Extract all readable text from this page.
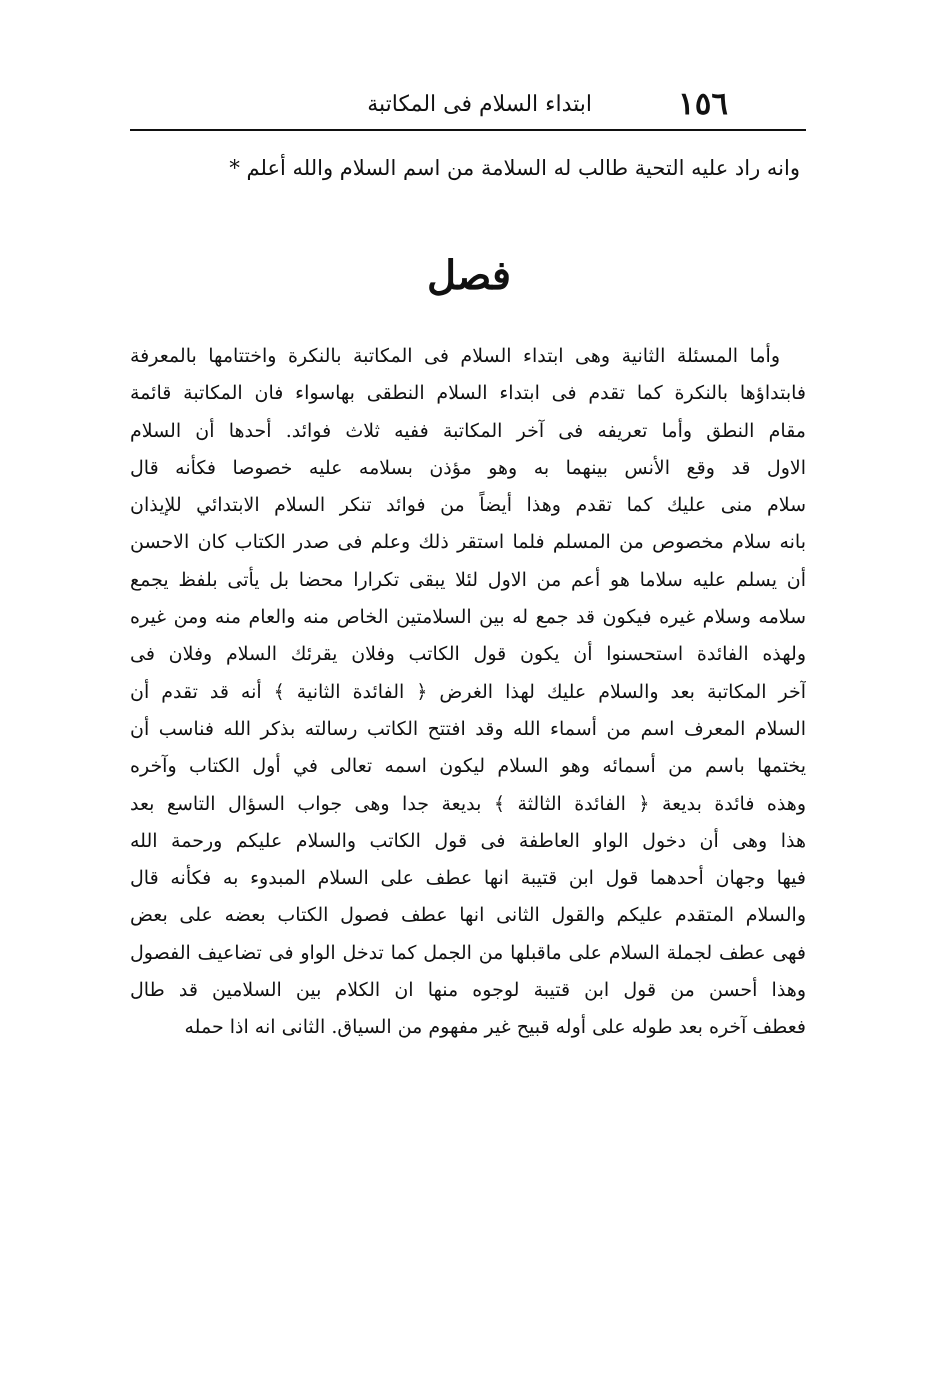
١٥٦
ابتداء السلام فى المكاتبة
وانه راد عليه التحية طالب له السلامة من اسم السلام والله أعلم *
فصل
وأما المسئلة الثانية وهى ابتداء السلام فى المكاتبة بالنكرة واختتامها بالمعرفة
فابتداؤها بالنكرة كما تقدم فى ابتداء السلام النطقى بهاسواء فان المكاتبة قائمة
مقام النطق وأما تعريفه فى آخر المكاتبة ففيه ثلاث فوائد. أحدها أن السلام
الاول قد وقع الأنس بينهما به وهو مؤذن بسلامه عليه خصوصا فكأنه قال
سلام منى عليك كما تقدم وهذا أيضاً من فوائد تنكر السلام الابتدائي للإيذان
بانه سلام مخصوص من المسلم فلما استقر ذلك وعلم فى صدر الكتاب كان الاحسن
أن يسلم عليه سلاما هو أعم من الاول لئلا يبقى تكرارا محضا بل يأتى بلفظ يجمع
سلامه وسلام غيره فيكون قد جمع له بين السلامتين الخاص منه والعام منه ومن غيره
ولهذه الفائدة استحسنوا أن يكون قول الكاتب وفلان يقرئك السلام وفلان فى
آخر المكاتبة بعد والسلام عليك لهذا الغرض ﴿ الفائدة الثانية ﴾ أنه قد تقدم أن
السلام المعرف اسم من أسماء الله وقد افتتح الكاتب رسالته بذكر الله فناسب أن
يختمها باسم من أسمائه وهو السلام ليكون اسمه تعالى في أول الكتاب وآخره
وهذه فائدة بديعة ﴿ الفائدة الثالثة ﴾ بديعة جدا وهى جواب السؤال التاسع بعد
هذا وهى أن دخول الواو العاطفة فى قول الكاتب والسلام عليكم ورحمة الله
فيها وجهان أحدهما قول ابن قتيبة انها عطف على السلام المبدوء به فكأنه قال
والسلام المتقدم عليكم والقول الثانى انها عطف فصول الكتاب بعضه على بعض
فهى عطف لجملة السلام على ماقبلها من الجمل كما تدخل الواو فى تضاعيف الفصول
وهذا أحسن من قول ابن قتيبة لوجوه منها ان الكلام بين السلامين قد طال
فعطف آخره بعد طوله على أوله قبيح غير مفهوم من السياق. الثانى انه اذا حمله
